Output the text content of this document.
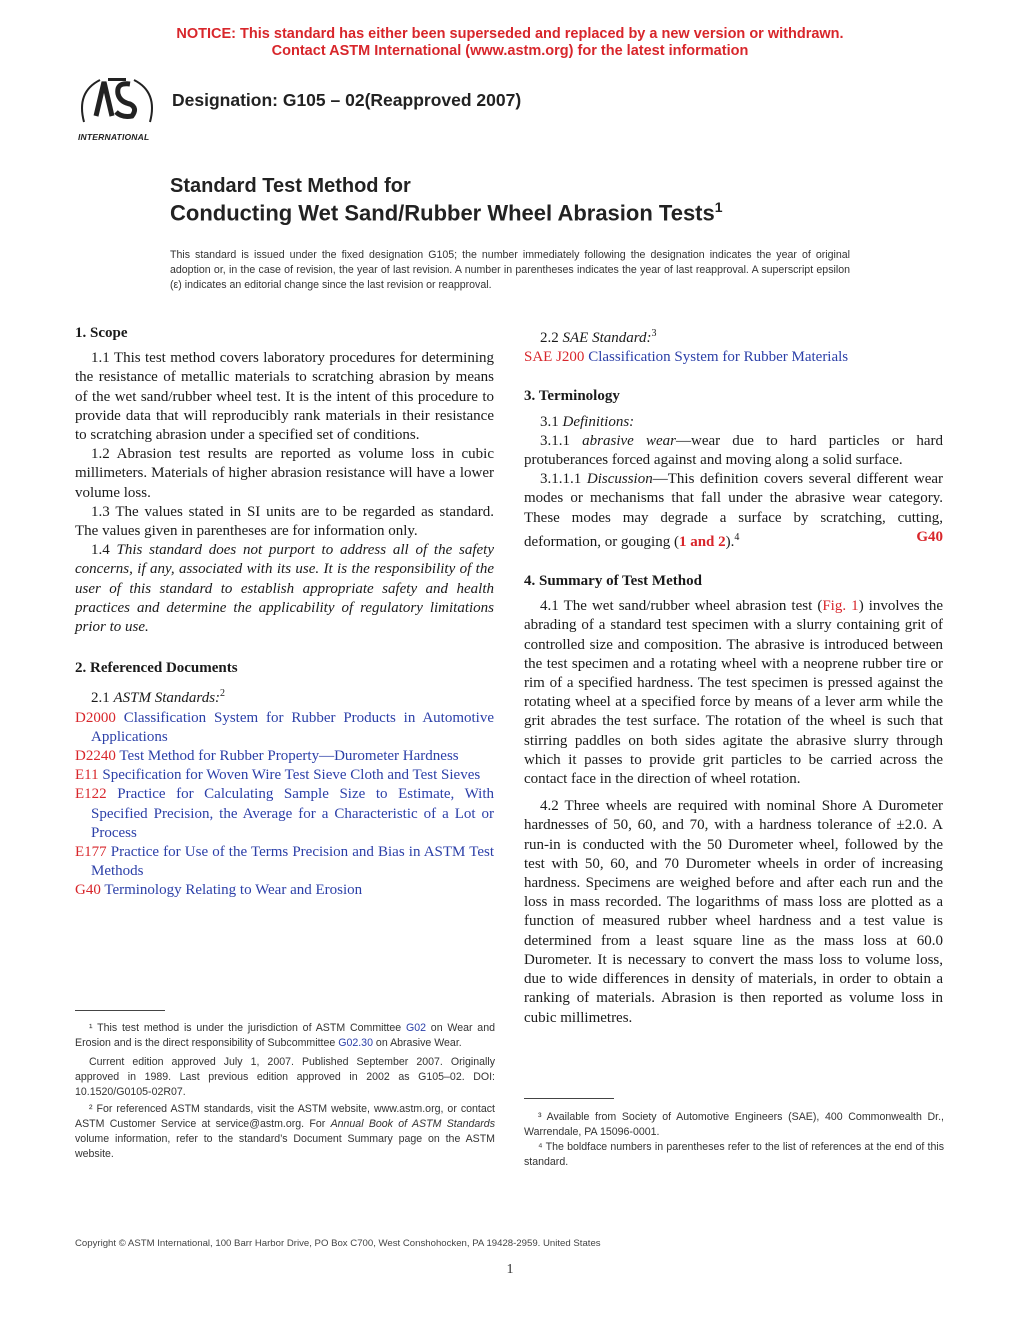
NOTICE: This standard has either been superseded and replaced by a new version or withdrawn.
Contact ASTM International (www.astm.org) for the latest information
INTERNATIONAL
Designation: G105 – 02(Reapproved 2007)
Standard Test Method for
Conducting Wet Sand/Rubber Wheel Abrasion Tests$^1$
This standard is issued under the fixed designation G105; the number immediately following the designation indicates the year of original adoption or, in the case of revision, the year of last revision. A number in parentheses indicates the year of last reapproval. A superscript epsilon (ε) indicates an editorial change since the last revision or reapproval.
1. Scope

1.1 This test method covers laboratory procedures for determining the resistance of metallic materials to scratching abrasion by means of the wet sand/rubber wheel test. It is the intent of this procedure to provide data that will reproducibly rank materials in their resistance to scratching abrasion under a specified set of conditions.

1.2 Abrasion test results are reported as volume loss in cubic millimeters. Materials of higher abrasion resistance will have a lower volume loss.

1.3 The values stated in SI units are to be regarded as standard. The values given in parentheses are for information only.

1.4 This standard does not purport to address all of the safety concerns, if any, associated with its use. It is the responsibility of the user of this standard to establish appropriate safety and health practices and determine the applicability of regulatory limitations prior to use.

2. Referenced Documents

2.1 ASTM Standards:$^2$

D2000 Classification System for Rubber Products in Automotive Applications

D2240 Test Method for Rubber Property—Durometer Hardness

E11 Specification for Woven Wire Test Sieve Cloth and Test Sieves

E122 Practice for Calculating Sample Size to Estimate, With Specified Precision, the Average for a Characteristic of a Lot or Process

E177 Practice for Use of the Terms Precision and Bias in ASTM Test Methods

G40 Terminology Relating to Wear and Erosion

2.2 SAE Standard:$^3$

SAE J200 Classification System for Rubber Materials

3. Terminology

3.1 Definitions:

3.1.1 abrasive wear—wear due to hard particles or hard protuberances forced against and moving along a solid surface.

3.1.1.1 Discussion—This definition covers several different wear modes or mechanisms that fall under the abrasive wear category. These modes may degrade a surface by scratching, cutting, deformation, or gouging (1 and 2).$^4$	G40

4. Summary of Test Method

4.1 The wet sand/rubber wheel abrasion test (Fig. 1) involves the abrading of a standard test specimen with a slurry containing grit of controlled size and composition. The abrasive is introduced between the test specimen and a rotating wheel with a neoprene rubber tire or rim of a specified hardness. The test specimen is pressed against the rotating wheel at a specified force by means of a lever arm while the grit abrades the test surface. The rotation of the wheel is such that stirring paddles on both sides agitate the abrasive slurry through which it passes to provide grit particles to be carried across the contact face in the direction of wheel rotation.

4.2 Three wheels are required with nominal Shore A Durometer hardnesses of 50, 60, and 70, with a hardness tolerance of ±2.0. A run-in is conducted with the 50 Durometer wheel, followed by the test with 50, 60, and 70 Durometer wheels in order of increasing hardness. Specimens are weighed before and after each run and the loss in mass recorded. The logarithms of mass loss are plotted as a function of measured rubber wheel hardness and a test value is determined from a least square line as the mass loss at 60.0 Durometer. It is necessary to convert the mass loss to volume loss, due to wide differences in density of materials, in order to obtain a ranking of materials. Abrasion is then reported as volume loss in cubic millimetres.

¹ This test method is under the jurisdiction of ASTM Committee G02 on Wear and Erosion and is the direct responsibility of Subcommittee G02.30 on Abrasive Wear.

Current edition approved July 1, 2007. Published September 2007. Originally approved in 1989. Last previous edition approved in 2002 as G105–02. DOI: 10.1520/G0105-02R07.

² For referenced ASTM standards, visit the ASTM website, www.astm.org, or contact ASTM Customer Service at service@astm.org. For Annual Book of ASTM Standards volume information, refer to the standard’s Document Summary page on the ASTM website.

³ Available from Society of Automotive Engineers (SAE), 400 Commonwealth Dr., Warrendale, PA 15096-0001.

⁴ The boldface numbers in parentheses refer to the list of references at the end of this standard.

Copyright © ASTM International, 100 Barr Harbor Drive, PO Box C700, West Conshohocken, PA 19428-2959. United States
1
